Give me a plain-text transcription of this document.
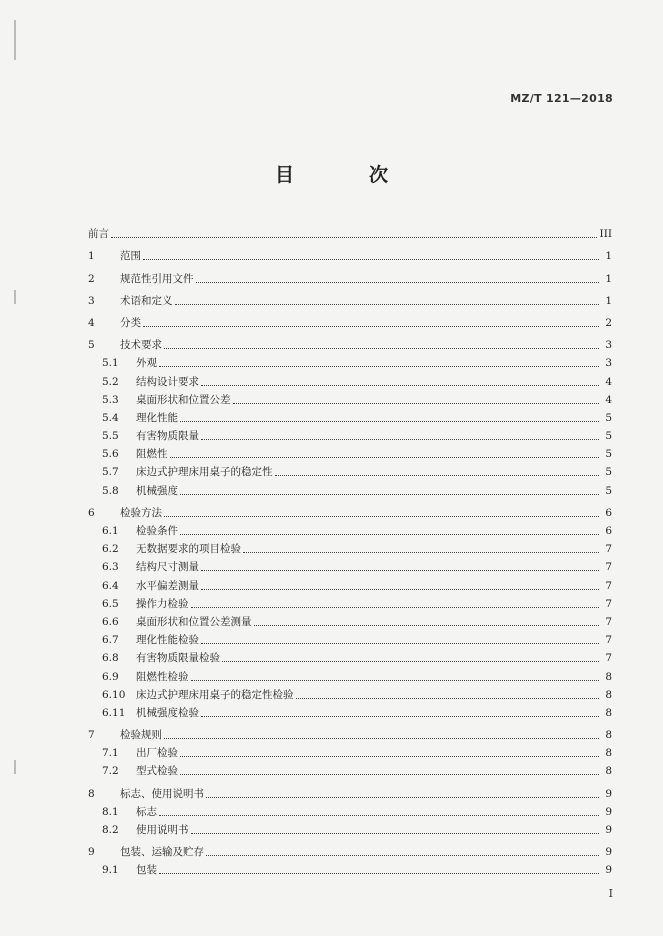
MZ/T 121—2018
目　次
前言	III
1	范围	1
2	规范性引用文件	1
3	术语和定义	1
4	分类	2
5	技术要求	3
5.1	外观	3
5.2	结构设计要求	4
5.3	桌面形状和位置公差	4
5.4	理化性能	5
5.5	有害物质限量	5
5.6	阻燃性	5
5.7	床边式护理床用桌子的稳定性	5
5.8	机械强度	5
6	检验方法	6
6.1	检验条件	6
6.2	无数据要求的项目检验	7
6.3	结构尺寸测量	7
6.4	水平偏差测量	7
6.5	操作力检验	7
6.6	桌面形状和位置公差测量	7
6.7	理化性能检验	7
6.8	有害物质限量检验	7
6.9	阻燃性检验	8
6.10	床边式护理床用桌子的稳定性检验	8
6.11	机械强度检验	8
7	检验规则	8
7.1	出厂检验	8
7.2	型式检验	8
8	标志、使用说明书	9
8.1	标志	9
8.2	使用说明书	9
9	包装、运输及贮存	9
9.1	包装	9
I
